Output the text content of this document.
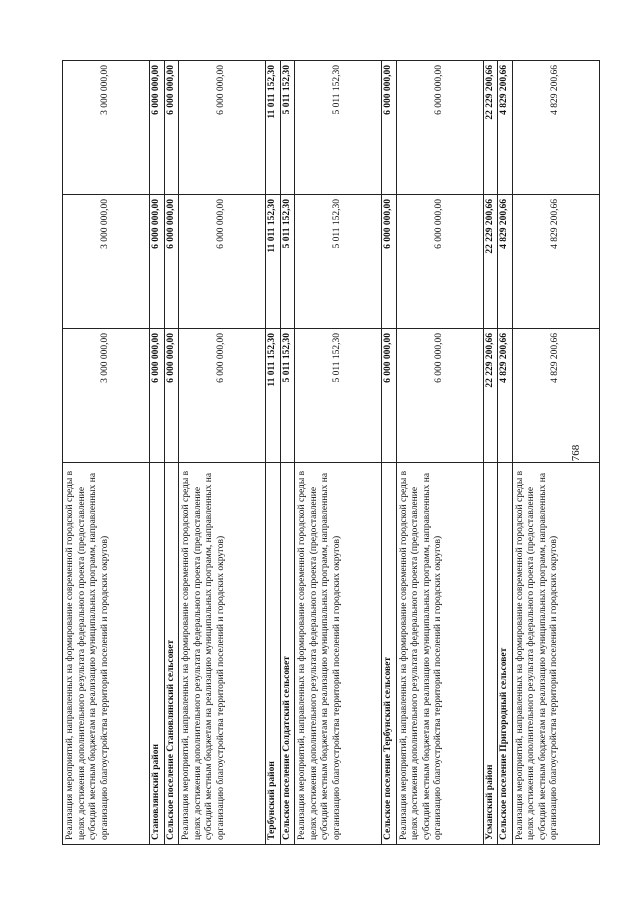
768
Реализация мероприятий, направленных на формирование современной городской среды в целях достижения дополнительного результата федерального проекта (предоставление субсидий местным бюджетам на реализацию муниципальных программ, направленных на организацию благоустройства территорий поселений и городских округов)	3 000 000,00	3 000 000,00	3 000 000,00
Становлянский район	6 000 000,00	6 000 000,00	6 000 000,00
Сельское поселение Становлянский сельсовет	6 000 000,00	6 000 000,00	6 000 000,00
Реализация мероприятий, направленных на формирование современной городской среды в целях достижения дополнительного результата федерального проекта (предоставление субсидий местным бюджетам на реализацию муниципальных программ, направленных на организацию благоустройства территорий поселений и городских округов)	6 000 000,00	6 000 000,00	6 000 000,00
Тербунский район	11 011 152,30	11 011 152,30	11 011 152,30
Сельское поселение Солдатский сельсовет	5 011 152,30	5 011 152,30	5 011 152,30
Реализация мероприятий, направленных на формирование современной городской среды в целях достижения дополнительного результата федерального проекта (предоставление субсидий местным бюджетам на реализацию муниципальных программ, направленных на организацию благоустройства территорий поселений и городских округов)	5 011 152,30	5 011 152,30	5 011 152,30
Сельское поселение Тербунский сельсовет	6 000 000,00	6 000 000,00	6 000 000,00
Реализация мероприятий, направленных на формирование современной городской среды в целях достижения дополнительного результата федерального проекта (предоставление субсидий местным бюджетам на реализацию муниципальных программ, направленных на организацию благоустройства территорий поселений и городских округов)	6 000 000,00	6 000 000,00	6 000 000,00
Усманский район	22 229 200,66	22 229 200,66	22 229 200,66
Сельское поселение Пригородный сельсовет	4 829 200,66	4 829 200,66	4 829 200,66
Реализация мероприятий, направленных на формирование современной городской среды в целях достижения дополнительного результата федерального проекта (предоставление субсидий местным бюджетам на реализацию муниципальных программ, направленных на организацию благоустройства территорий поселений и городских округов)	4 829 200,66	4 829 200,66	4 829 200,66
